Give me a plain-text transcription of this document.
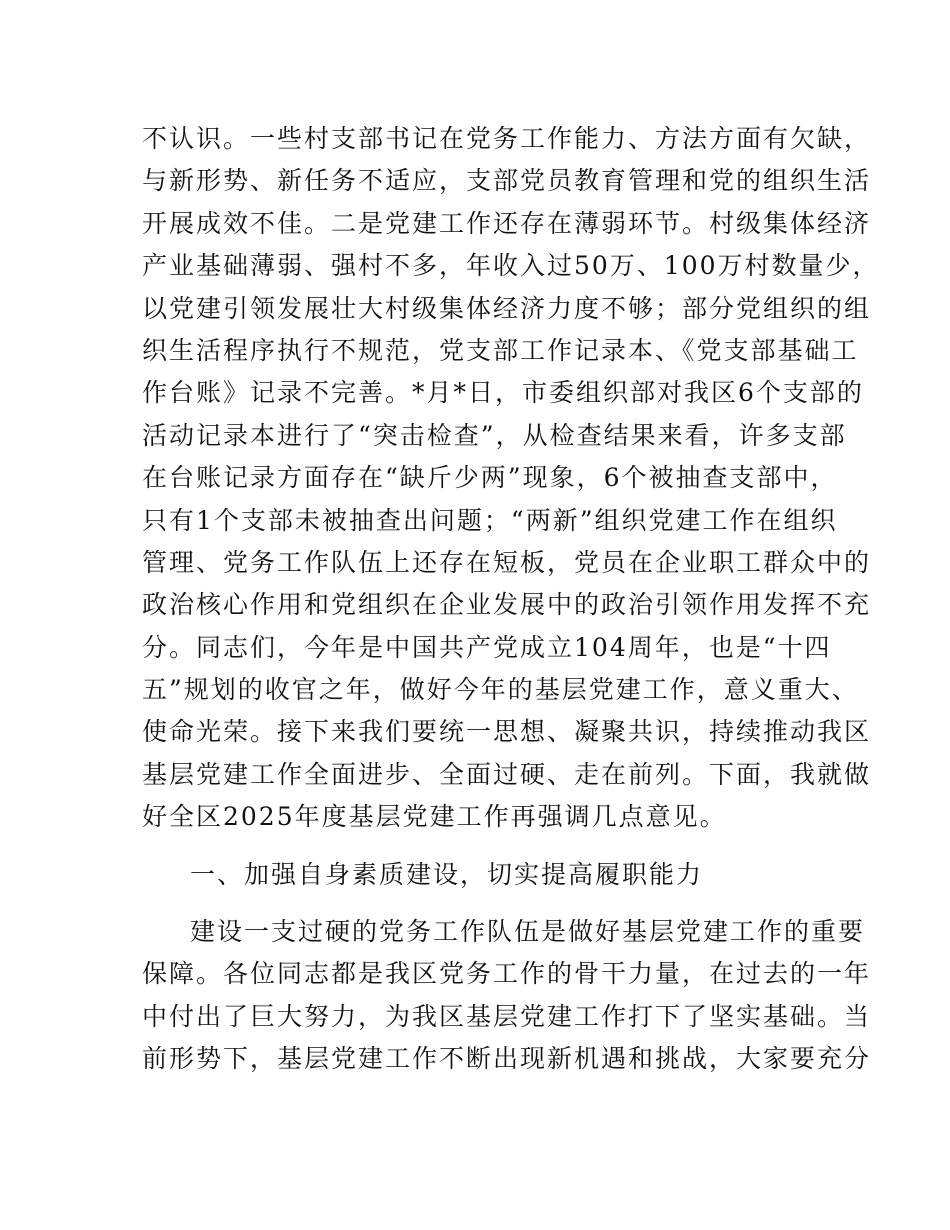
不认识。一些村支部书记在党务工作能力、方法方面有欠缺，
与新形势、新任务不适应，支部党员教育管理和党的组织生活
开展成效不佳。二是党建工作还存在薄弱环节。村级集体经济
产业基础薄弱、强村不多，年收入过50万、100万村数量少，
以党建引领发展壮大村级集体经济力度不够；部分党组织的组
织生活程序执行不规范，党支部工作记录本、《党支部基础工
作台账》记录不完善。*月*日，市委组织部对我区6个支部的
活动记录本进行了“突击检查”，从检查结果来看，许多支部
在台账记录方面存在“缺斤少两”现象，6个被抽查支部中，
只有1个支部未被抽查出问题；“两新”组织党建工作在组织
管理、党务工作队伍上还存在短板，党员在企业职工群众中的
政治核心作用和党组织在企业发展中的政治引领作用发挥不充
分。同志们，今年是中国共产党成立104周年，也是“十四
五”规划的收官之年，做好今年的基层党建工作，意义重大、
使命光荣。接下来我们要统一思想、凝聚共识，持续推动我区
基层党建工作全面进步、全面过硬、走在前列。下面，我就做
好全区2025年度基层党建工作再强调几点意见。
一、加强自身素质建设，切实提高履职能力
建设一支过硬的党务工作队伍是做好基层党建工作的重要
保障。各位同志都是我区党务工作的骨干力量，在过去的一年
中付出了巨大努力，为我区基层党建工作打下了坚实基础。当
前形势下，基层党建工作不断出现新机遇和挑战，大家要充分
